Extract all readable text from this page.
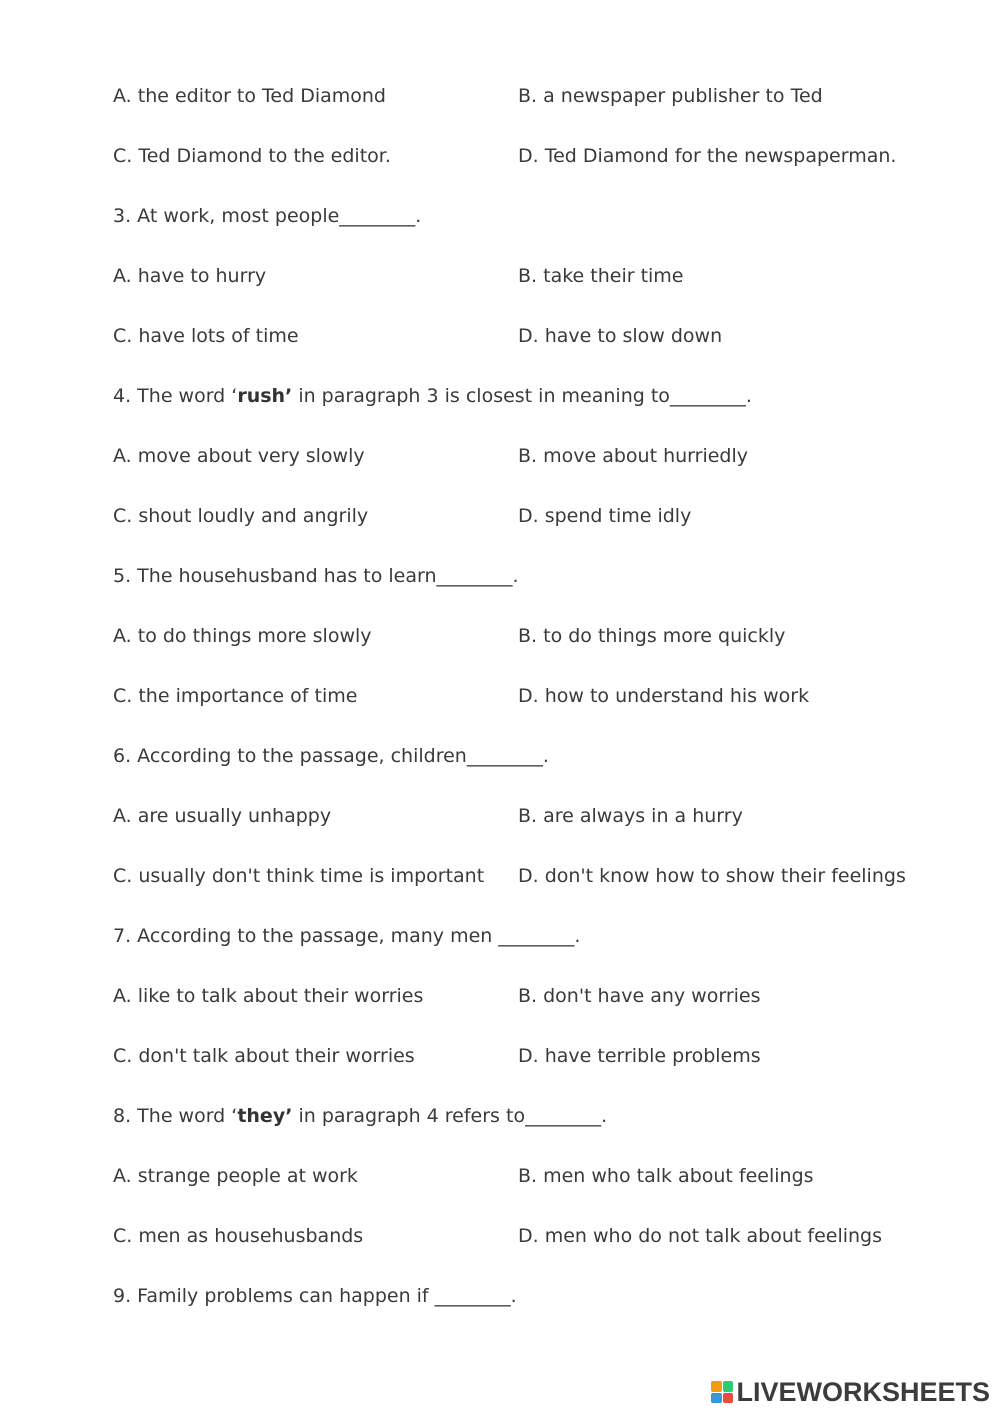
A. the editor to Ted Diamond	B. a newspaper publisher to Ted
C. Ted Diamond to the editor.	D. Ted Diamond for the newspaperman.
3. At work, most people________.
A. have to hurry	B. take their time
C. have lots of time	D. have to slow down
4. The word ‘rush’ in paragraph 3 is closest in meaning to________.
A. move about very slowly	B. move about hurriedly
C. shout loudly and angrily	D. spend time idly
5. The househusband has to learn________.
A. to do things more slowly	B. to do things more quickly
C. the importance of time	D. how to understand his work
6. According to the passage, children________.
A. are usually unhappy	B. are always in a hurry
C. usually don't think time is important D. don't know how to show their feelings
7. According to the passage, many men ________.
A. like to talk about their worries	B. don't have any worries
C. don't talk about their worries	D. have terrible problems
8. The word ‘they’ in paragraph 4 refers to________.
A. strange people at work	B. men who talk about feelings
C. men as househusbands	D. men who do not talk about feelings
9. Family problems can happen if ________.
LIVEWORKSHEETS
